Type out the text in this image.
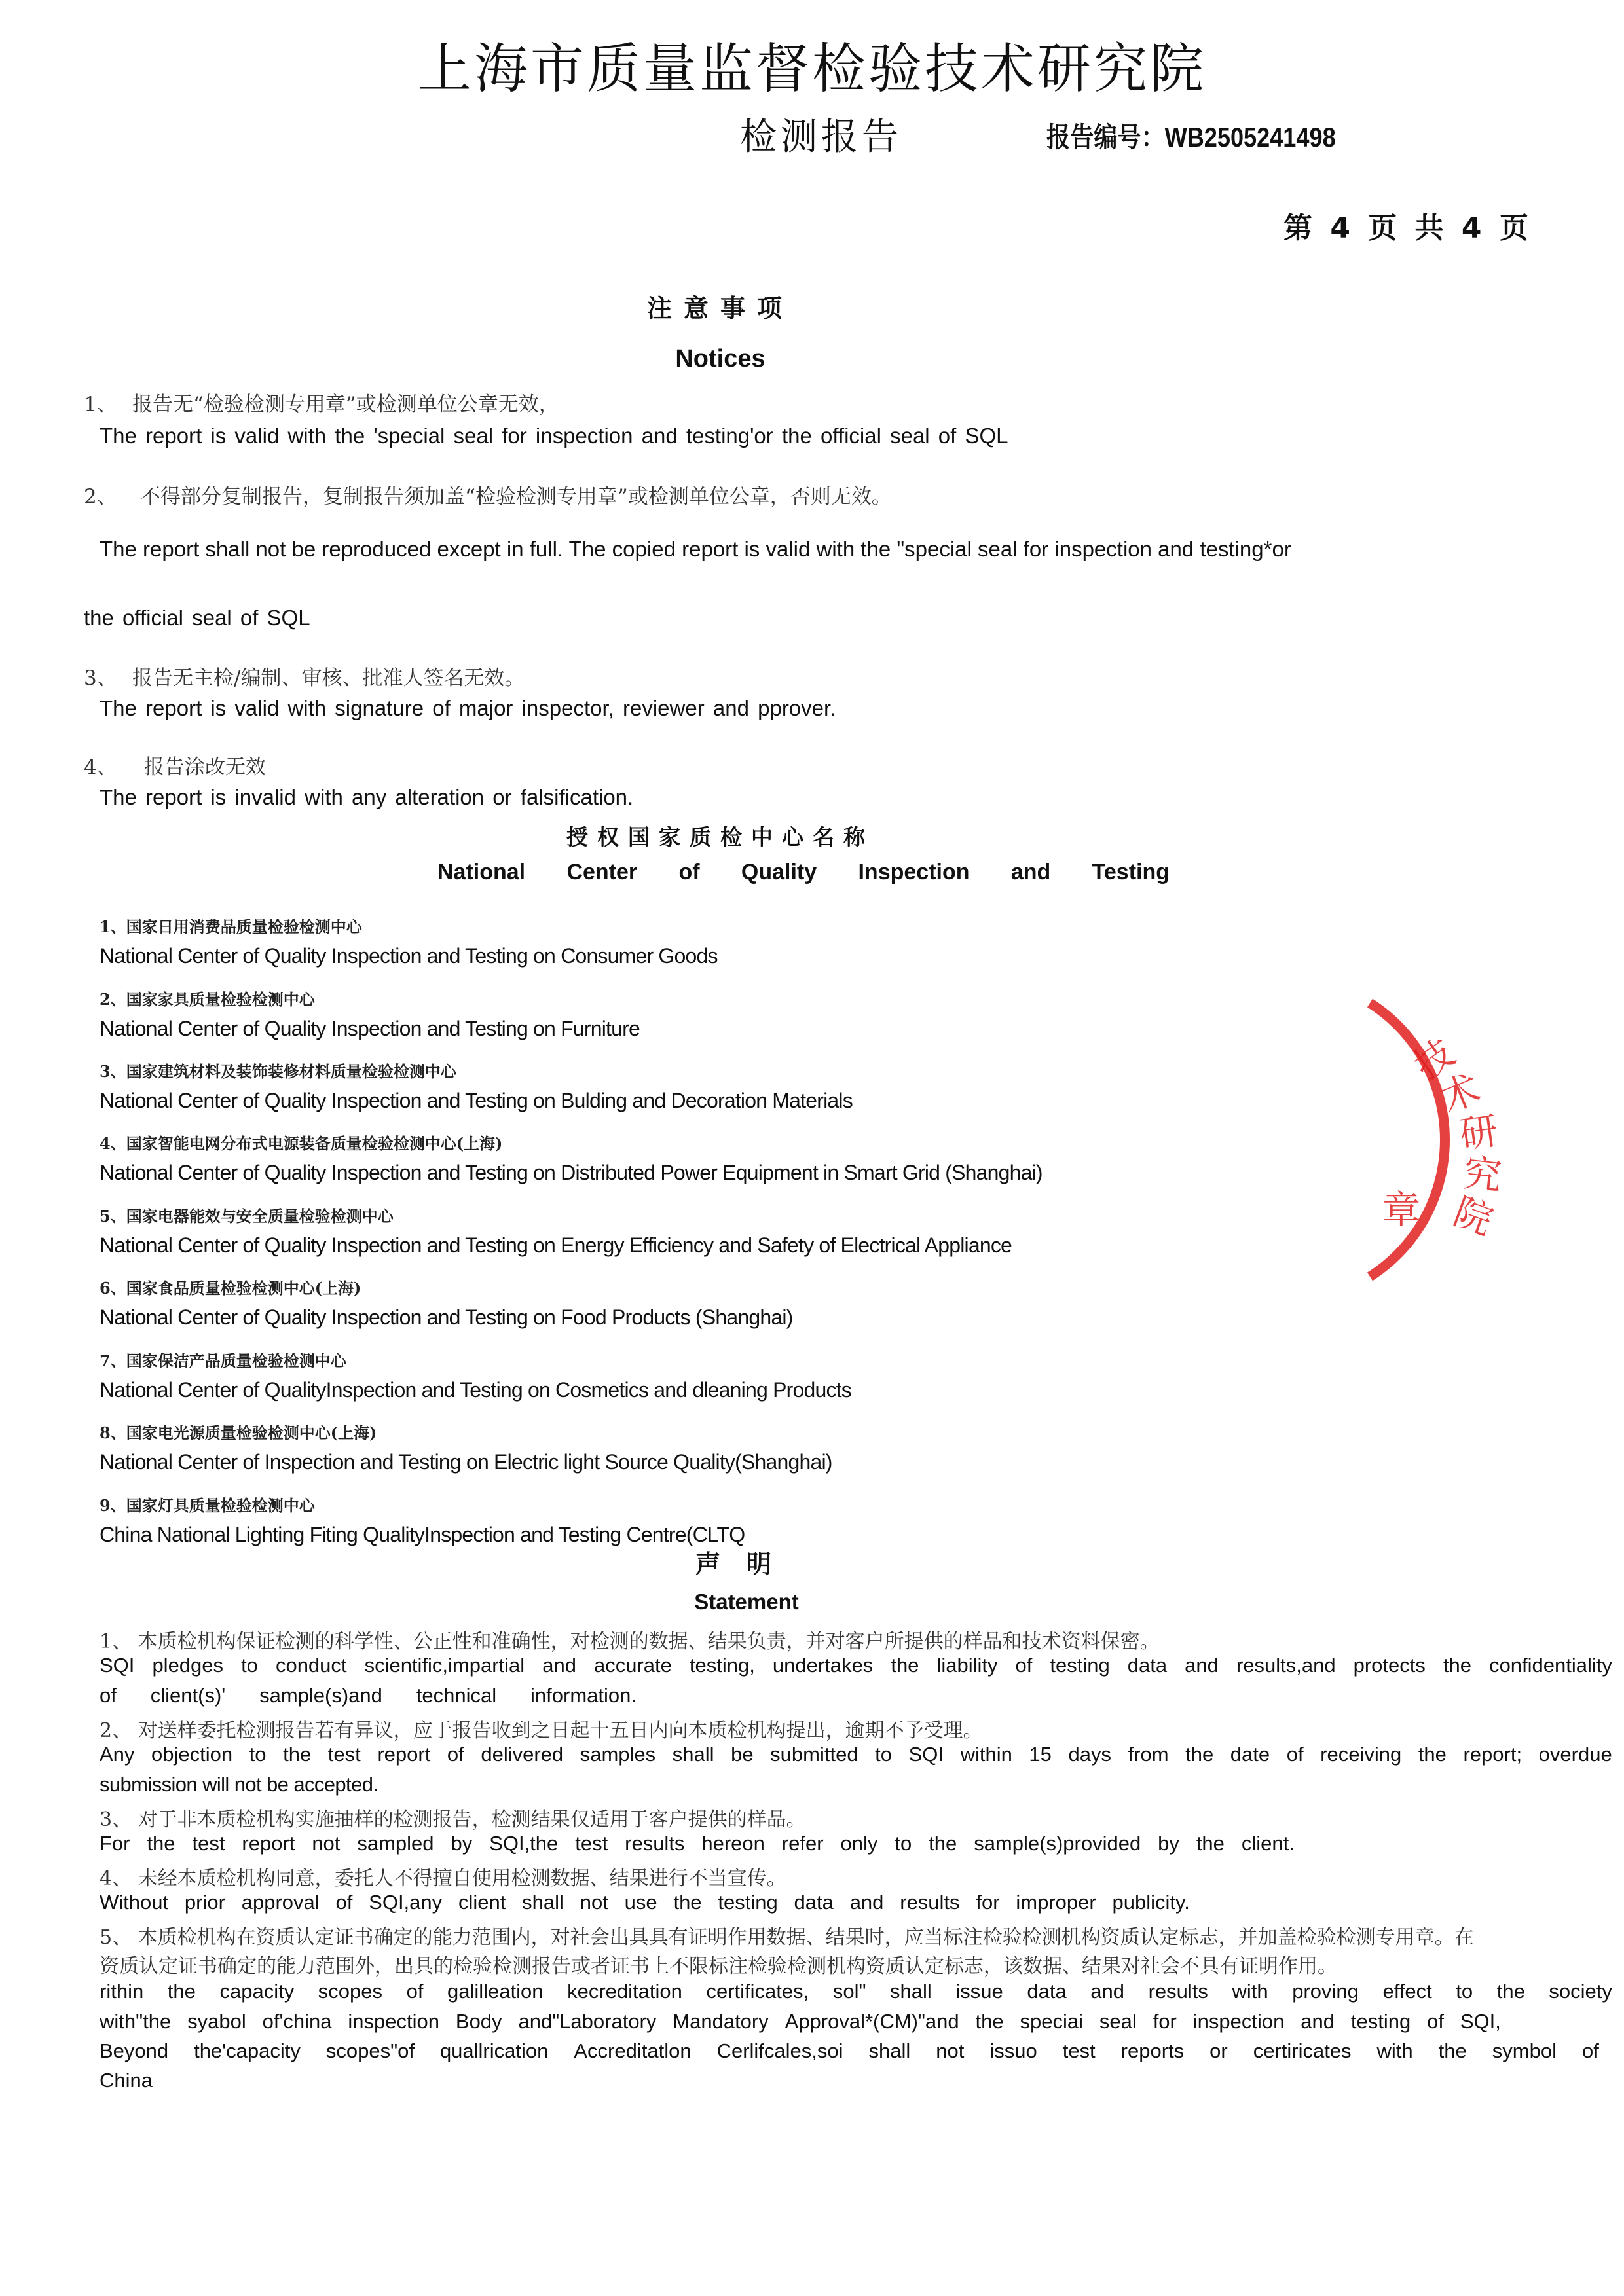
上海市质量监督检验技术研究院
检测报告	报告编号：WB2505241498
第 4 页 共 4 页
注意事项
Notices
1、 报告无“检验检测专用章”或检测单位公章无效，
The report is valid with the 'special seal for inspection and testing'or the official seal of SQL
2、 不得部分复制报告，复制报告须加盖“检验检测专用章”或检测单位公章，否则无效。
The report shall not be reproduced except in full. The copied report is valid with the "special seal for inspection and testing*or
the official seal of SQL
3、 报告无主检/编制、审核、批准人签名无效。
The report is valid with signature of major inspector, reviewer and pprover.
4、 报告涂改无效
The report is invalid with any alteration or falsification.
授权国家质检中心名称
National Center of Quality Inspection and Testing
1、国家日用消费品质量检验检测中心
National Center of Quality Inspection and Testing on Consumer Goods
2、国家家具质量检验检测中心
National Center of Quality Inspection and Testing on Furniture
3、国家建筑材料及装饰装修材料质量检验检测中心
National Center of Quality Inspection and Testing on Bulding and Decoration Materials
4、国家智能电网分布式电源装备质量检验检测中心(上海)
National Center of Quality Inspection and Testing on Distributed Power Equipment in Smart Grid (Shanghai)
5、国家电器能效与安全质量检验检测中心
National Center of Quality Inspection and Testing on Energy Efficiency and Safety of Electrical Appliance
6、国家食品质量检验检测中心(上海)
National Center of Quality Inspection and Testing on Food Products (Shanghai)
7、国家保洁产品质量检验检测中心
National Center of QualityInspection and Testing on Cosmetics and dleaning Products
8、国家电光源质量检验检测中心(上海)
National Center of Inspection and Testing on Electric light Source Quality(Shanghai)
9、国家灯具质量检验检测中心
China National Lighting Fiting QualityInspection and Testing Centre(CLTQ
声明
Statement
1、 本质检机构保证检测的科学性、公正性和准确性，对检测的数据、结果负责，并对客户所提供的样品和技术资料保密。
SQI pledges to conduct scientific,impartial and accurate testing, undertakes the liability of testing data and results,and protects the confidentiality
of client(s)' sample(s)and technical information.
2、 对送样委托检测报告若有异议，应于报告收到之日起十五日内向本质检机构提出，逾期不予受理。
Any objection to the test report of delivered samples shall be submitted to SQI within 15 days from the date of receiving the report; overdue
submission will not be accepted.
3、 对于非本质检机构实施抽样的检测报告，检测结果仅适用于客户提供的样品。
For the test report not sampled by SQI,the test results hereon refer only to the sample(s)provided by the client.
4、 未经本质检机构同意，委托人不得擅自使用检测数据、结果进行不当宣传。
Without prior approval of SQI,any client shall not use the testing data and results for improper publicity.
5、 本质检机构在资质认定证书确定的能力范围内，对社会出具具有证明作用数据、结果时，应当标注检验检测机构资质认定标志，并加盖检验检测专用章。在
资质认定证书确定的能力范围外，出具的检验检测报告或者证书上不限标注检验检测机构资质认定标志，该数据、结果对社会不具有证明作用。
rithin the capacity scopes of galilleation kecreditation certificates, sol" shall issue data and results with proving effect to the society
with"the syabol of'china inspection Body and"Laboratory Mandatory Approval*(CM)"and the speciai seal for inspection and testing of SQI,
Beyond the'capacity scopes"of quallrication Accreditatlon Cerlifcales,soi shall not issuo test reports or certiricates with the symbol of
China
技
术
研
究
院
章
